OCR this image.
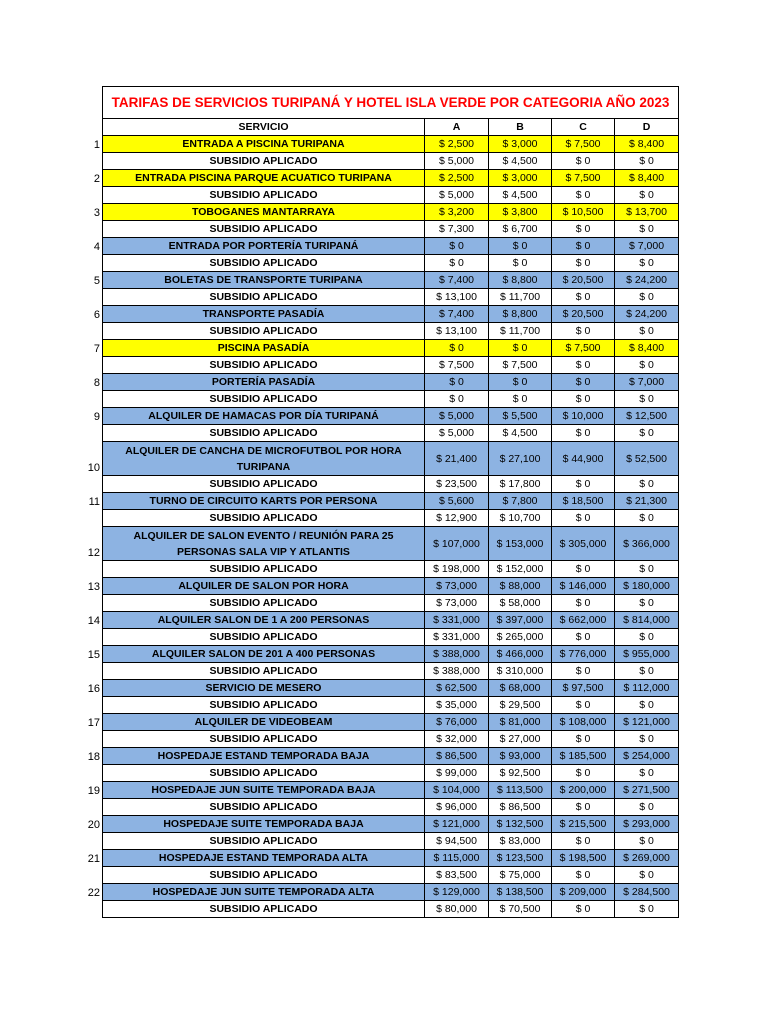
TARIFAS DE SERVICIOS TURIPANÁ Y HOTEL ISLA VERDE POR CATEGORIA AÑO 2023				
SERVICIO	A	B	C	D
ENTRADA A PISCINA TURIPANA	$ 2,500	$ 3,000	$ 7,500	$ 8,400
SUBSIDIO APLICADO	$ 5,000	$ 4,500	$ 0	$ 0
ENTRADA PISCINA PARQUE ACUATICO TURIPANA	$ 2,500	$ 3,000	$ 7,500	$ 8,400
SUBSIDIO APLICADO	$ 5,000	$ 4,500	$ 0	$ 0
TOBOGANES MANTARRAYA	$ 3,200	$ 3,800	$ 10,500	$ 13,700
SUBSIDIO APLICADO	$ 7,300	$ 6,700	$ 0	$ 0
ENTRADA POR PORTERÍA TURIPANÁ	$ 0	$ 0	$ 0	$ 7,000
SUBSIDIO APLICADO	$ 0	$ 0	$ 0	$ 0
BOLETAS DE TRANSPORTE TURIPANA	$ 7,400	$ 8,800	$ 20,500	$ 24,200
SUBSIDIO APLICADO	$ 13,100	$ 11,700	$ 0	$ 0
TRANSPORTE PASADÍA	$ 7,400	$ 8,800	$ 20,500	$ 24,200
SUBSIDIO APLICADO	$ 13,100	$ 11,700	$ 0	$ 0
PISCINA PASADÍA	$ 0	$ 0	$ 7,500	$ 8,400
SUBSIDIO APLICADO	$ 7,500	$ 7,500	$ 0	$ 0
PORTERÍA PASADÍA	$ 0	$ 0	$ 0	$ 7,000
SUBSIDIO APLICADO	$ 0	$ 0	$ 0	$ 0
ALQUILER DE HAMACAS POR DÍA TURIPANÁ	$ 5,000	$ 5,500	$ 10,000	$ 12,500
SUBSIDIO APLICADO	$ 5,000	$ 4,500	$ 0	$ 0
ALQUILER DE CANCHA DE MICROFUTBOL POR HORA TURIPANA	$ 21,400	$ 27,100	$ 44,900	$ 52,500
SUBSIDIO APLICADO	$ 23,500	$ 17,800	$ 0	$ 0
TURNO DE CIRCUITO KARTS POR PERSONA	$ 5,600	$ 7,800	$ 18,500	$ 21,300
SUBSIDIO APLICADO	$ 12,900	$ 10,700	$ 0	$ 0
ALQUILER DE SALON EVENTO / REUNIÓN PARA 25 PERSONAS SALA VIP Y ATLANTIS	$ 107,000	$ 153,000	$ 305,000	$ 366,000
SUBSIDIO APLICADO	$ 198,000	$ 152,000	$ 0	$ 0
ALQUILER DE SALON POR HORA	$ 73,000	$ 88,000	$ 146,000	$ 180,000
SUBSIDIO APLICADO	$ 73,000	$ 58,000	$ 0	$ 0
ALQUILER SALON DE 1 A 200 PERSONAS	$ 331,000	$ 397,000	$ 662,000	$ 814,000
SUBSIDIO APLICADO	$ 331,000	$ 265,000	$ 0	$ 0
ALQUILER SALON DE 201 A 400 PERSONAS	$ 388,000	$ 466,000	$ 776,000	$ 955,000
SUBSIDIO APLICADO	$ 388,000	$ 310,000	$ 0	$ 0
SERVICIO DE MESERO	$ 62,500	$ 68,000	$ 97,500	$ 112,000
SUBSIDIO APLICADO	$ 35,000	$ 29,500	$ 0	$ 0
ALQUILER DE VIDEOBEAM	$ 76,000	$ 81,000	$ 108,000	$ 121,000
SUBSIDIO APLICADO	$ 32,000	$ 27,000	$ 0	$ 0
HOSPEDAJE ESTAND TEMPORADA BAJA	$ 86,500	$ 93,000	$ 185,500	$ 254,000
SUBSIDIO APLICADO	$ 99,000	$ 92,500	$ 0	$ 0
HOSPEDAJE JUN SUITE TEMPORADA BAJA	$ 104,000	$ 113,500	$ 200,000	$ 271,500
SUBSIDIO APLICADO	$ 96,000	$ 86,500	$ 0	$ 0
HOSPEDAJE SUITE TEMPORADA BAJA	$ 121,000	$ 132,500	$ 215,500	$ 293,000
SUBSIDIO APLICADO	$ 94,500	$ 83,000	$ 0	$ 0
HOSPEDAJE ESTAND TEMPORADA ALTA	$ 115,000	$ 123,500	$ 198,500	$ 269,000
SUBSIDIO APLICADO	$ 83,500	$ 75,000	$ 0	$ 0
HOSPEDAJE JUN SUITE TEMPORADA ALTA	$ 129,000	$ 138,500	$ 209,000	$ 284,500
SUBSIDIO APLICADO	$ 80,000	$ 70,500	$ 0	$ 0
1
2
3
4
5
6
7
8
9
10
11
12
13
14
15
16
17
18
19
20
21
22
